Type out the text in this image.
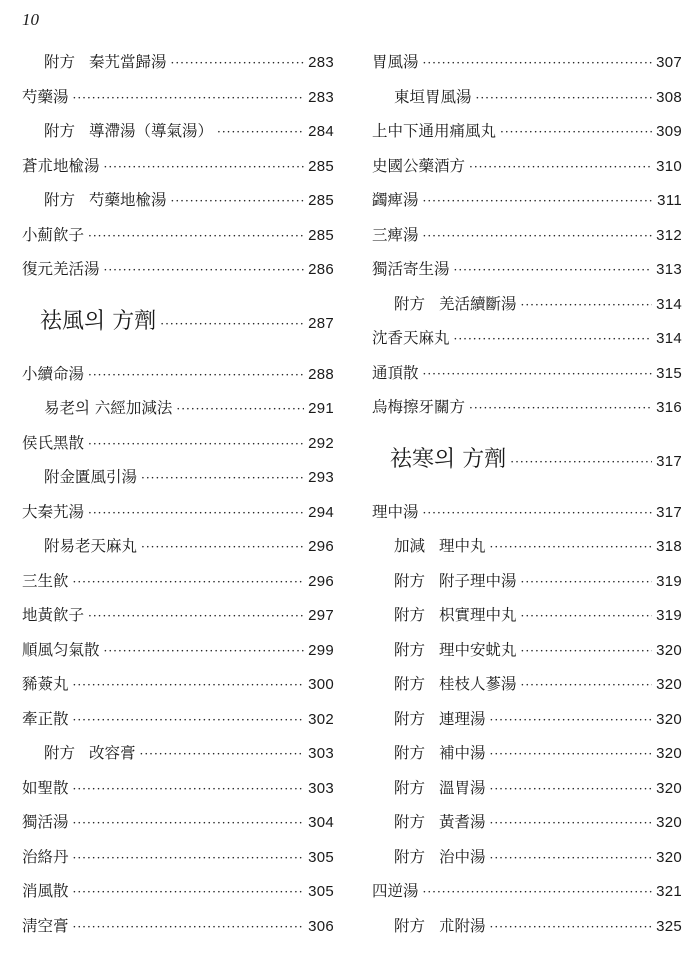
10
附方 秦艽當歸湯 ·····	283
芍藥湯 ·····	283
附方 導滯湯（導氣湯） ·····	284
蒼朮地楡湯 ·····	285
附方 芍藥地楡湯 ·····	285
小薊飮子 ·····	285
復元羌活湯 ·····	286
祛風의 方劑 ·····	287
小續命湯 ·····	288
易老의 六經加減法 ·····	291
侯氏黑散 ·····	292
附金匱風引湯 ·····	293
大秦艽湯 ·····	294
附易老天麻丸 ·····	296
三生飮 ·····	296
地黃飮子 ·····	297
順風匀氣散 ·····	299
豨薟丸 ·····	300
牽正散 ·····	302
附方 改容膏 ·····	303
如聖散 ·····	303
獨活湯 ·····	304
治絡丹 ·····	305
消風散 ·····	305
淸空膏 ·····	306
胃風湯 ·····	307
東垣胃風湯 ·····	308
上中下通用痛風丸 ·····	309
史國公藥酒方 ·····	310
蠲痺湯 ·····	311
三痺湯 ·····	312
獨活寄生湯 ·····	313
附方 羌活續斷湯 ·····	314
沈香天麻丸 ·····	314
通頂散 ·····	315
烏梅擦牙關方 ·····	316
祛寒의 方劑 ·····	317
理中湯 ·····	317
加減 理中丸 ·····	318
附方 附子理中湯 ·····	319
附方 枳實理中丸 ·····	319
附方 理中安蚘丸 ·····	320
附方 桂枝人蔘湯 ·····	320
附方 連理湯 ·····	320
附方 補中湯 ·····	320
附方 溫胃湯 ·····	320
附方 黃耆湯 ·····	320
附方 治中湯 ·····	320
四逆湯 ·····	321
附方 朮附湯 ·····	325
